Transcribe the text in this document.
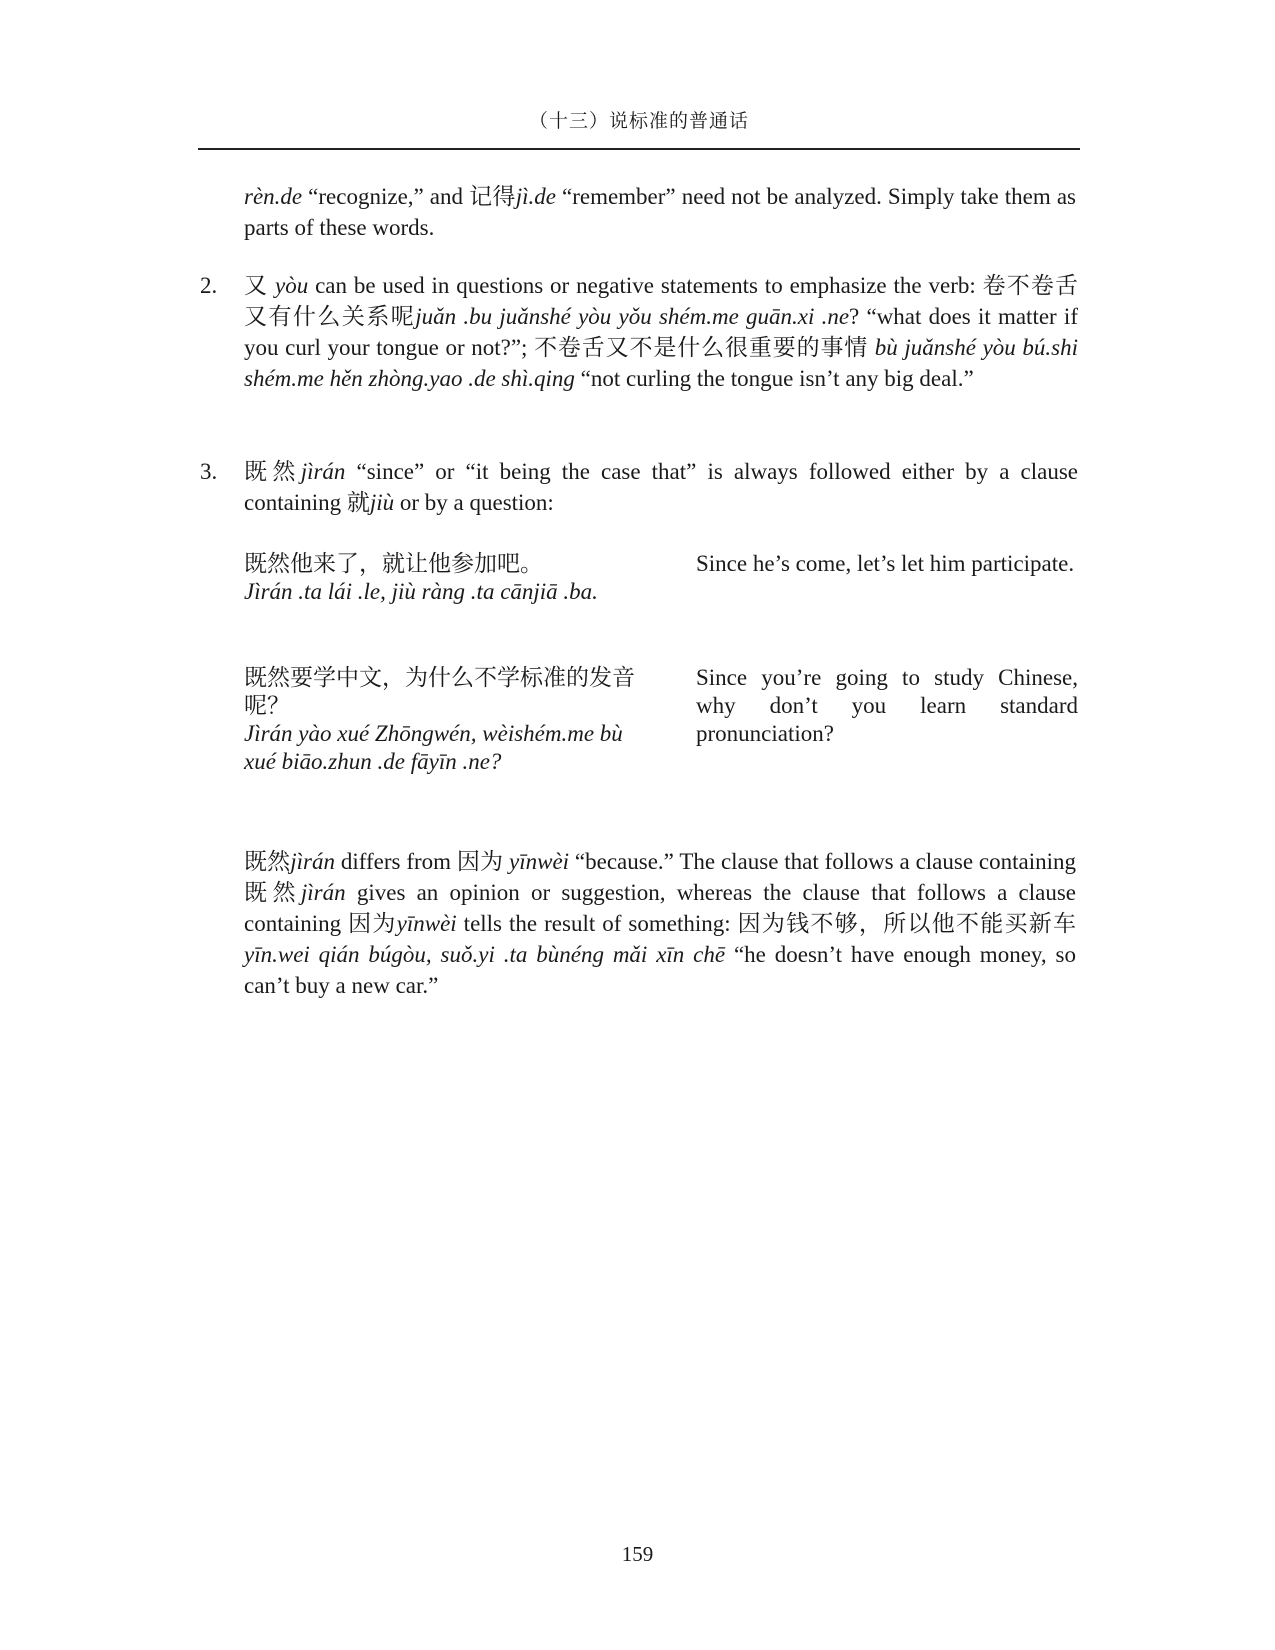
（十三）说标准的普通话
rèn.de “recognize,” and 记得jì.de “remember” need not be analyzed. Simply take them as parts of these words.
2.	又 yòu can be used in questions or negative statements to emphasize the verb: 卷不卷舌又有什么关系呢juǎn .bu juǎnshé yòu yǒu shém.me guān.xi .ne? “what does it matter if you curl your tongue or not?”; 不卷舌又不是什么很重要的事情 bù juǎnshé yòu bú.shi shém.me hěn zhòng.yao .de shì.qing “not curling the tongue isn’t any big deal.”
3.	既然jìrán “since” or “it being the case that” is always followed either by a clause containing 就jiù or by a question:
既然他来了，就让他参加吧。
Jìrán .ta lái .le, jiù ràng .ta cānjiā .ba.
Since he’s come, let’s let him participate.
既然要学中文，为什么不学标准的发音呢？
Jìrán yào xué Zhōngwén, wèishém.me bù xué biāo.zhun .de fāyīn .ne?
Since you’re going to study Chinese, why don’t you learn standard pronunciation?
既然jìrán differs from 因为 yīnwèi “because.” The clause that follows a clause containing 既然jìrán gives an opinion or suggestion, whereas the clause that follows a clause containing 因为yīnwèi tells the result of something: 因为钱不够，所以他不能买新车yīn.wei qián búgòu, suǒ.yi .ta bùnéng mǎi xīn chē “he doesn’t have enough money, so can’t buy a new car.”
159
